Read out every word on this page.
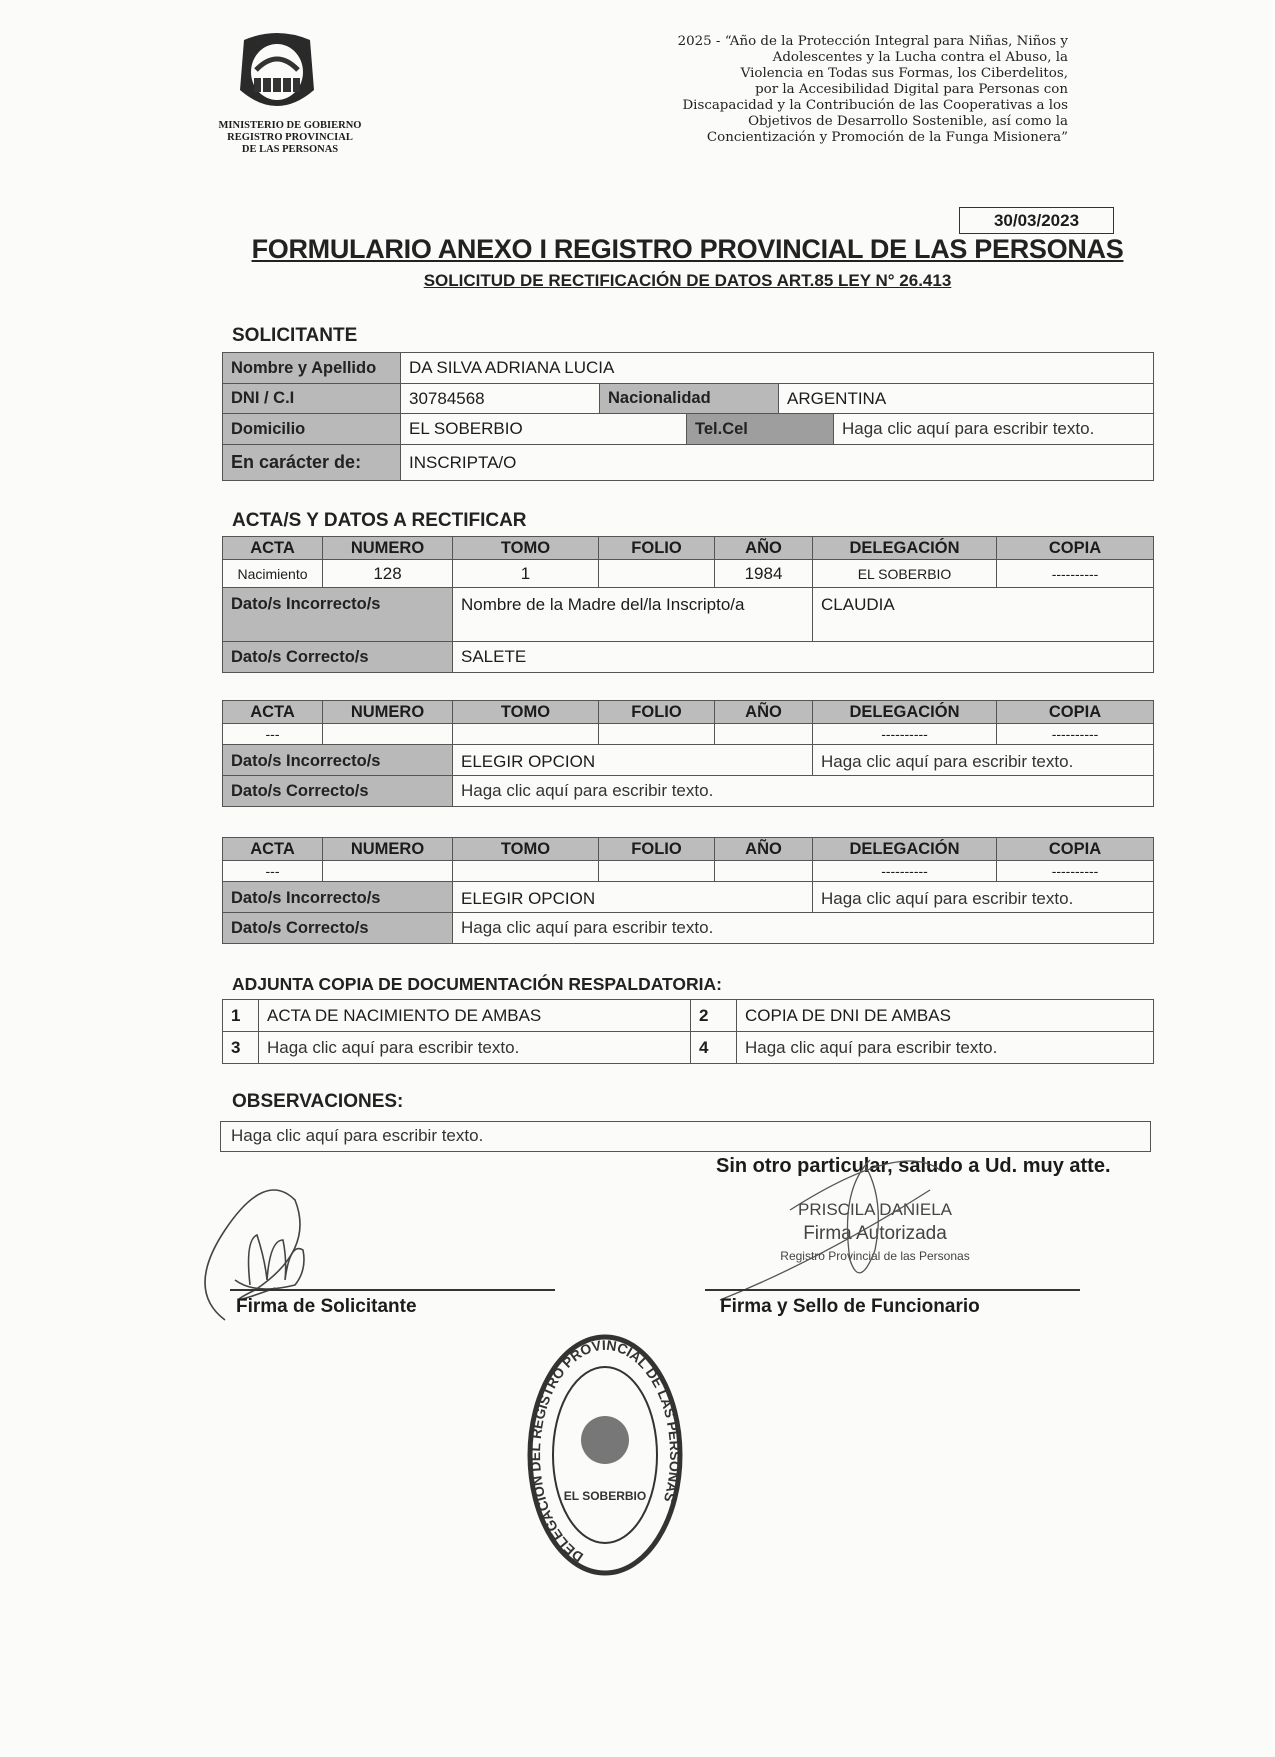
MINISTERIO DE GOBIERNO
REGISTRO PROVINCIAL
DE LAS PERSONAS
2025 - “Año de la Protección Integral para Niñas, Niños y
Adolescentes y la Lucha contra el Abuso, la
Violencia en Todas sus Formas, los Ciberdelitos,
por la Accesibilidad Digital para Personas con
Discapacidad y la Contribución de las Cooperativas a los
Objetivos de Desarrollo Sostenible, así como la
Concientización y Promoción de la Funga Misionera”
30/03/2023
FORMULARIO ANEXO I REGISTRO PROVINCIAL DE LAS PERSONAS
SOLICITUD DE RECTIFICACIÓN DE DATOS ART.85 LEY N° 26.413
SOLICITANTE
Nombre y Apellido	DA SILVA ADRIANA LUCIA				
DNI / C.I	30784568	Nacionalidad		ARGENTINA	
Domicilio	EL SOBERBIO		Tel.Cel		Haga clic aquí para escribir texto.
En carácter de:	INSCRIPTA/O				
ACTA/S Y DATOS A RECTIFICAR
ACTA	NUMERO	TOMO	FOLIO	AÑO	DELEGACIÓN	COPIA
Nacimiento	128	1		1984	EL SOBERBIO	----------
Dato/s Incorrecto/s		Nombre de la Madre del/la Inscripto/a			CLAUDIA	
Dato/s Correcto/s		SALETE				
ACTA	NUMERO	TOMO	FOLIO	AÑO	DELEGACIÓN	COPIA
---					----------	----------
Dato/s Incorrecto/s		ELEGIR OPCION			Haga clic aquí para escribir texto.	
Dato/s Correcto/s		Haga clic aquí para escribir texto.				
ACTA	NUMERO	TOMO	FOLIO	AÑO	DELEGACIÓN	COPIA
---					----------	----------
Dato/s Incorrecto/s		ELEGIR OPCION			Haga clic aquí para escribir texto.	
Dato/s Correcto/s		Haga clic aquí para escribir texto.				
ADJUNTA COPIA DE DOCUMENTACIÓN RESPALDATORIA:
1	ACTA DE NACIMIENTO DE AMBAS	2	COPIA DE DNI DE AMBAS
3	Haga clic aquí para escribir texto.	4	Haga clic aquí para escribir texto.
OBSERVACIONES:
Haga clic aquí para escribir texto.
Sin otro particular, saludo a Ud. muy atte.
Firma de Solicitante
PRISCILA DANIELA
Firma Autorizada
Registro Provincial de las Personas
Firma y Sello de Funcionario
DELEGACION DEL REGISTRO PROVINCIAL DE LAS PERSONAS
EL SOBERBIO
